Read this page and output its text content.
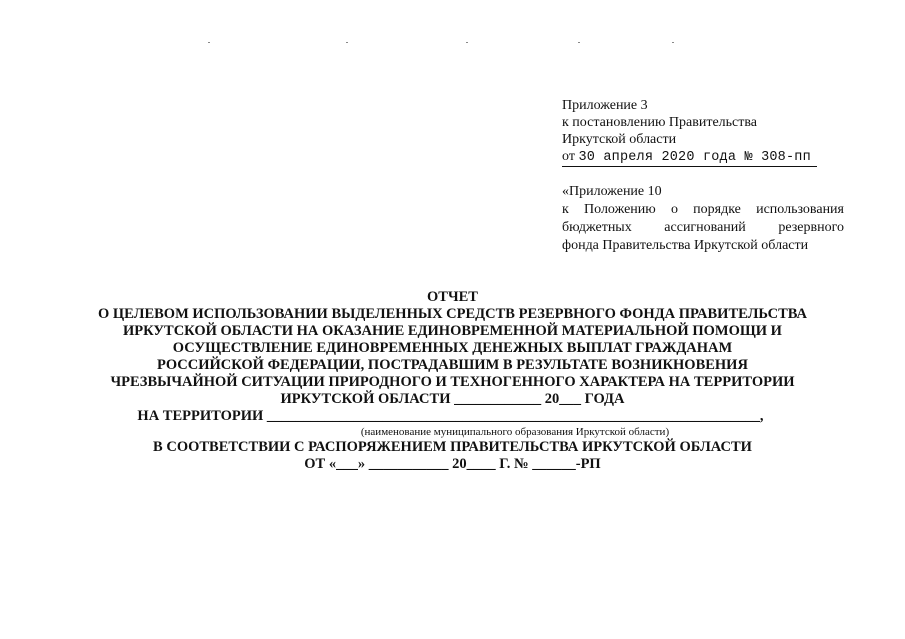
Приложение 3
к постановлению Правительства
Иркутской области
от 30 апреля 2020 года № 308-пп
«Приложение 10
к Положению о порядке использования
бюджетных ассигнований резервного
фонда Правительства Иркутской области
ОТЧЕТ
О ЦЕЛЕВОМ ИСПОЛЬЗОВАНИИ ВЫДЕЛЕННЫХ СРЕДСТВ РЕЗЕРВНОГО ФОНДА ПРАВИТЕЛЬСТВА
ИРКУТСКОЙ ОБЛАСТИ НА ОКАЗАНИЕ ЕДИНОВРЕМЕННОЙ МАТЕРИАЛЬНОЙ ПОМОЩИ И
ОСУЩЕСТВЛЕНИЕ ЕДИНОВРЕМЕННЫХ ДЕНЕЖНЫХ ВЫПЛАТ ГРАЖДАНАМ
РОССИЙСКОЙ ФЕДЕРАЦИИ, ПОСТРАДАВШИМ В РЕЗУЛЬТАТЕ ВОЗНИКНОВЕНИЯ
ЧРЕЗВЫЧАЙНОЙ СИТУАЦИИ ПРИРОДНОГО И ТЕХНОГЕННОГО ХАРАКТЕРА НА ТЕРРИТОРИИ
ИРКУТСКОЙ ОБЛАСТИ ____________ 20___ ГОДА
НА ТЕРРИТОРИИ ____________________________________________________________________,
(наименование муниципального образования Иркутской области)
В СООТВЕТСТВИИ С РАСПОРЯЖЕНИЕМ ПРАВИТЕЛЬСТВА ИРКУТСКОЙ ОБЛАСТИ
ОТ «___» ___________ 20____ Г. № ______-РП
